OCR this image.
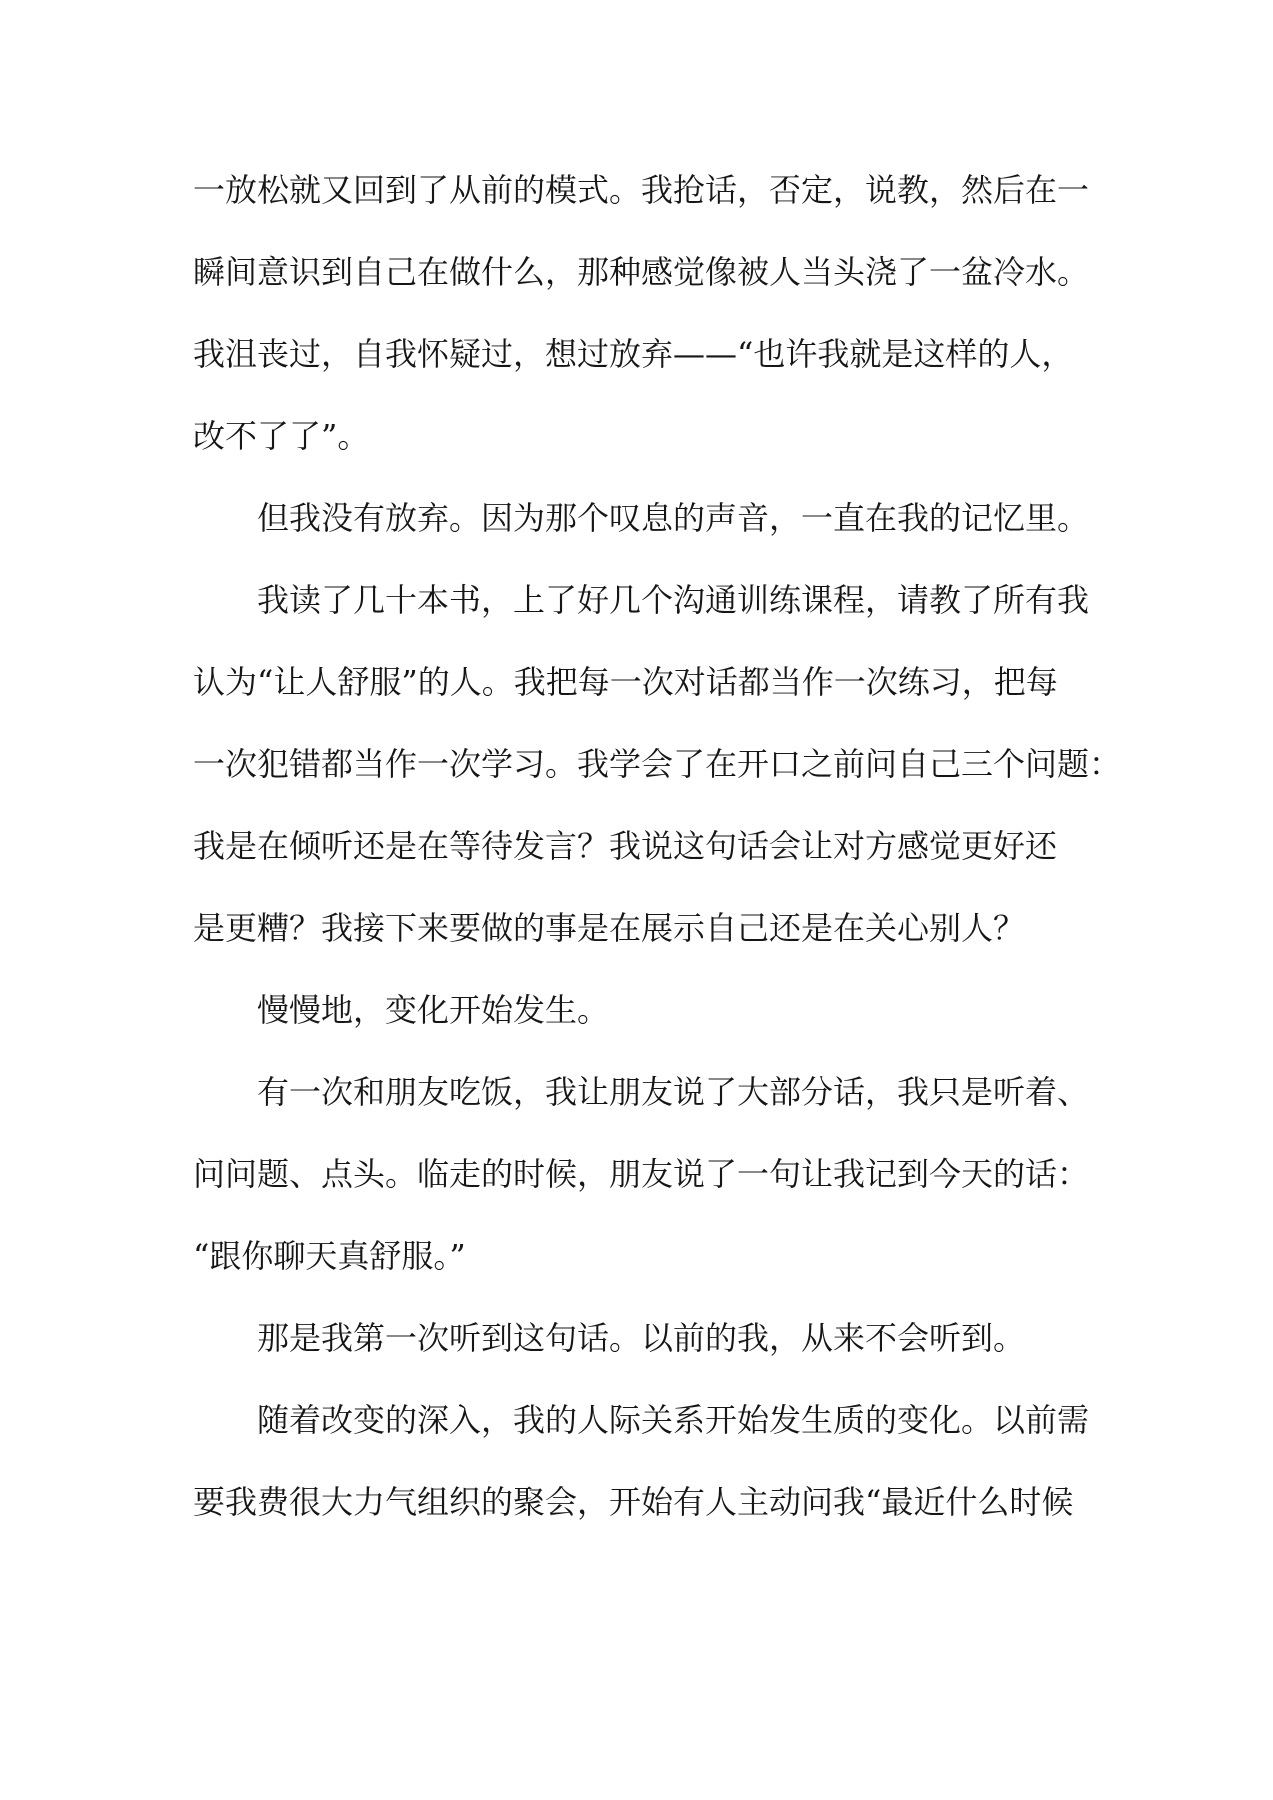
一放松就又回到了从前的模式。我抢话，否定，说教，然后在一
瞬间意识到自己在做什么，那种感觉像被人当头浇了一盆冷水。
我沮丧过，自我怀疑过，想过放弃——“也许我就是这样的人，
改不了了”。
但我没有放弃。因为那个叹息的声音，一直在我的记忆里。
我读了几十本书，上了好几个沟通训练课程，请教了所有我
认为“让人舒服”的人。我把每一次对话都当作一次练习，把每
一次犯错都当作一次学习。我学会了在开口之前问自己三个问题：
我是在倾听还是在等待发言？我说这句话会让对方感觉更好还
是更糟？我接下来要做的事是在展示自己还是在关心别人？
慢慢地，变化开始发生。
有一次和朋友吃饭，我让朋友说了大部分话，我只是听着、
问问题、点头。临走的时候，朋友说了一句让我记到今天的话：
“跟你聊天真舒服。”
那是我第一次听到这句话。以前的我，从来不会听到。
随着改变的深入，我的人际关系开始发生质的变化。以前需
要我费很大力气组织的聚会，开始有人主动问我“最近什么时候
